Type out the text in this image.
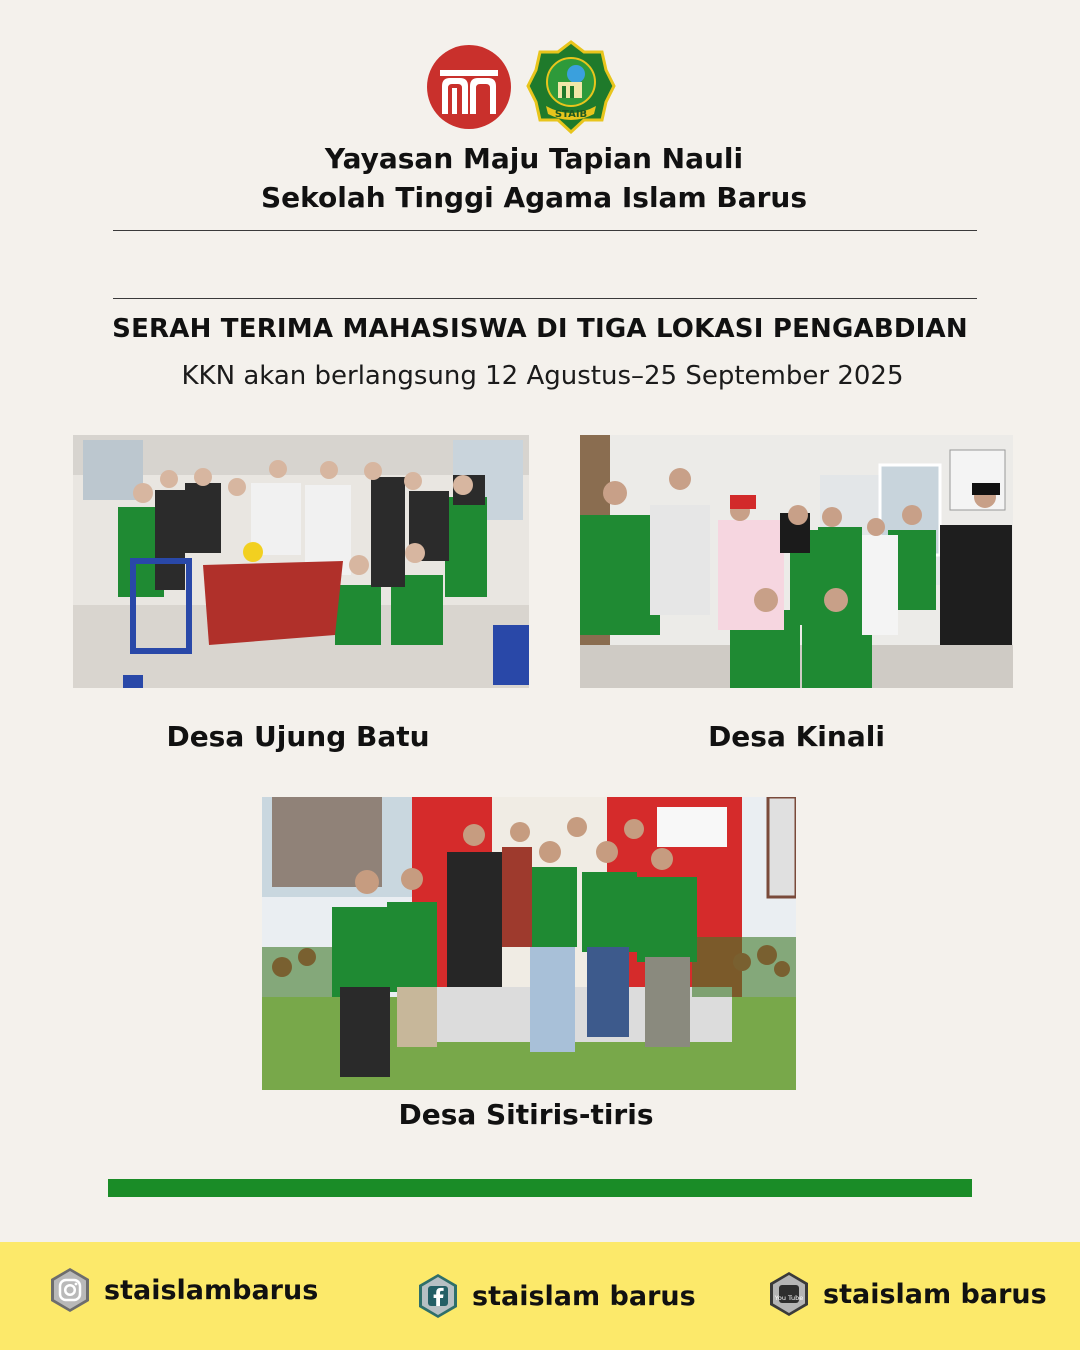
STAIB
Yayasan Maju Tapian Nauli
Sekolah Tinggi Agama Islam Barus
SERAH TERIMA MAHASISWA DI TIGA LOKASI PENGABDIAN
KKN akan berlangsung 12 Agustus–25 September 2025
Desa Ujung Batu	Desa Kinali
Desa Sitiris-tiris
staislambarus	staislam barus	You Tube staislam barus
